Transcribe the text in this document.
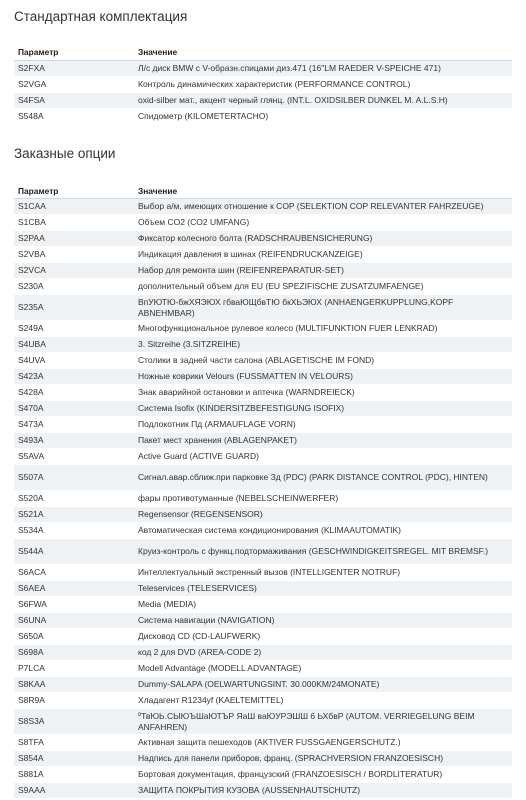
Стандартная комплектация
Параметр	Значение
S2FXA	Л/с диск BMW с V-образн.спицами диз.471 (16"LM RAEDER V-SPEICHE 471)
S2VGA	Контроль динамических характеристик (PERFORMANCE CONTROL)
S4FSA	oxid-silber мат., акцент черный глянц. (INT.L. OXIDSILBER DUNKEL M. A.L.S.H)
S548A	Спидометр (KILOMETERTACHO)
Заказные опции
Параметр	Значение
S1CAA	Выбор а/м, имеющих отношение к COP (SELEKTION COP RELEVANTER FAHRZEUGE)
S1CBA	Объем CO2 (CO2 UMFANG)
S2PAA	Фиксатор колесного болта (RADSCHRAUBENSICHERUNG)
S2VBA	Индикация давления в шинах (REIFENDRUCKANZEIGE)
S2VCA	Набор для ремонта шин (REIFENREPARATUR-SET)
S230A	дополнительный объем для EU (EU SPEZIFISCHE ZUSATZUMFAENGE)
S235A	ВпУЮТЮ-бжХЯЭЮХ гбваЮЩбвТЮ бкХЬЭЮХ (ANHAENGERKUPPLUNG,KOPF ABNEHMBAR)
S249A	Многофункциональное рулевое колесо (MULTIFUNKTION FUER LENKRAD)
S4UBA	3. Sitzreihe (3.SITZREIHE)
S4UVA	Столики в задней части салона (ABLAGETISCHE IM FOND)
S423A	Ножные коврики Velours (FUSSMATTEN IN VELOURS)
S428A	Знак аварийной остановки и аптечка (WARNDREIECK)
S470A	Система Isofix (KINDERSITZBEFESTIGUNG ISOFIX)
S473A	Подлокотник Пд (ARMAUFLAGE VORN)
S493A	Пакет мест хранения (ABLAGENPAKET)
S5AVA	Active Guard (ACTIVE GUARD)
S507A	Сигнал.авар.сближ.при парковке Зд (PDC) (PARK DISTANCE CONTROL (PDC), HINTEN)
S520A	фары противотуманные (NEBELSCHEINWERFER)
S521A	Regensensor (REGENSENSOR)
S534A	Автоматическая система кондиционирования (KLIMAAUTOMATIK)
S544A	Круиз-контроль с функц.подтормаживания (GESCHWINDIGKEITSREGEL. MIT BREMSF.)
S6ACA	Интеллектуальный экстренный вызов (INTELLIGENTER NOTRUF)
S6AEA	Teleservices (TELESERVICES)
S6FWA	Media (MEDIA)
S6UNA	Система навигации (NAVIGATION)
S650A	Дисковод CD (CD-LAUFWERK)
S698A	код 2 для DVD (AREA-CODE 2)
P7LCA	Modell Advantage (MODELL ADVANTAGE)
S8KAA	Dummy-SALAPA (OELWARTUNGSINT. 30.000KM/24MONATE)
S8R9A	Хладагент R1234yf (KAELTEMITTEL)
S8S3A	ºТвЮЬ.СЫЮЪШаЮТЪР ЯаШ ваЮУРЭШШ 6 ЬХбвР (AUTOM. VERRIEGELUNG BEIM ANFAHREN)
S8TFA	Активная защита пешеходов (AKTIVER FUSSGAENGERSCHUTZ.)
S854A	Надпись для панели приборов, франц. (SPRACHVERSION FRANZOESISCH)
S881A	Бортовая документация, французский (FRANZOESISCH / BORDLITERATUR)
S9AAA	ЗАЩИТА ПОКРЫТИЯ КУЗОВА (AUSSENHAUTSCHUTZ)
